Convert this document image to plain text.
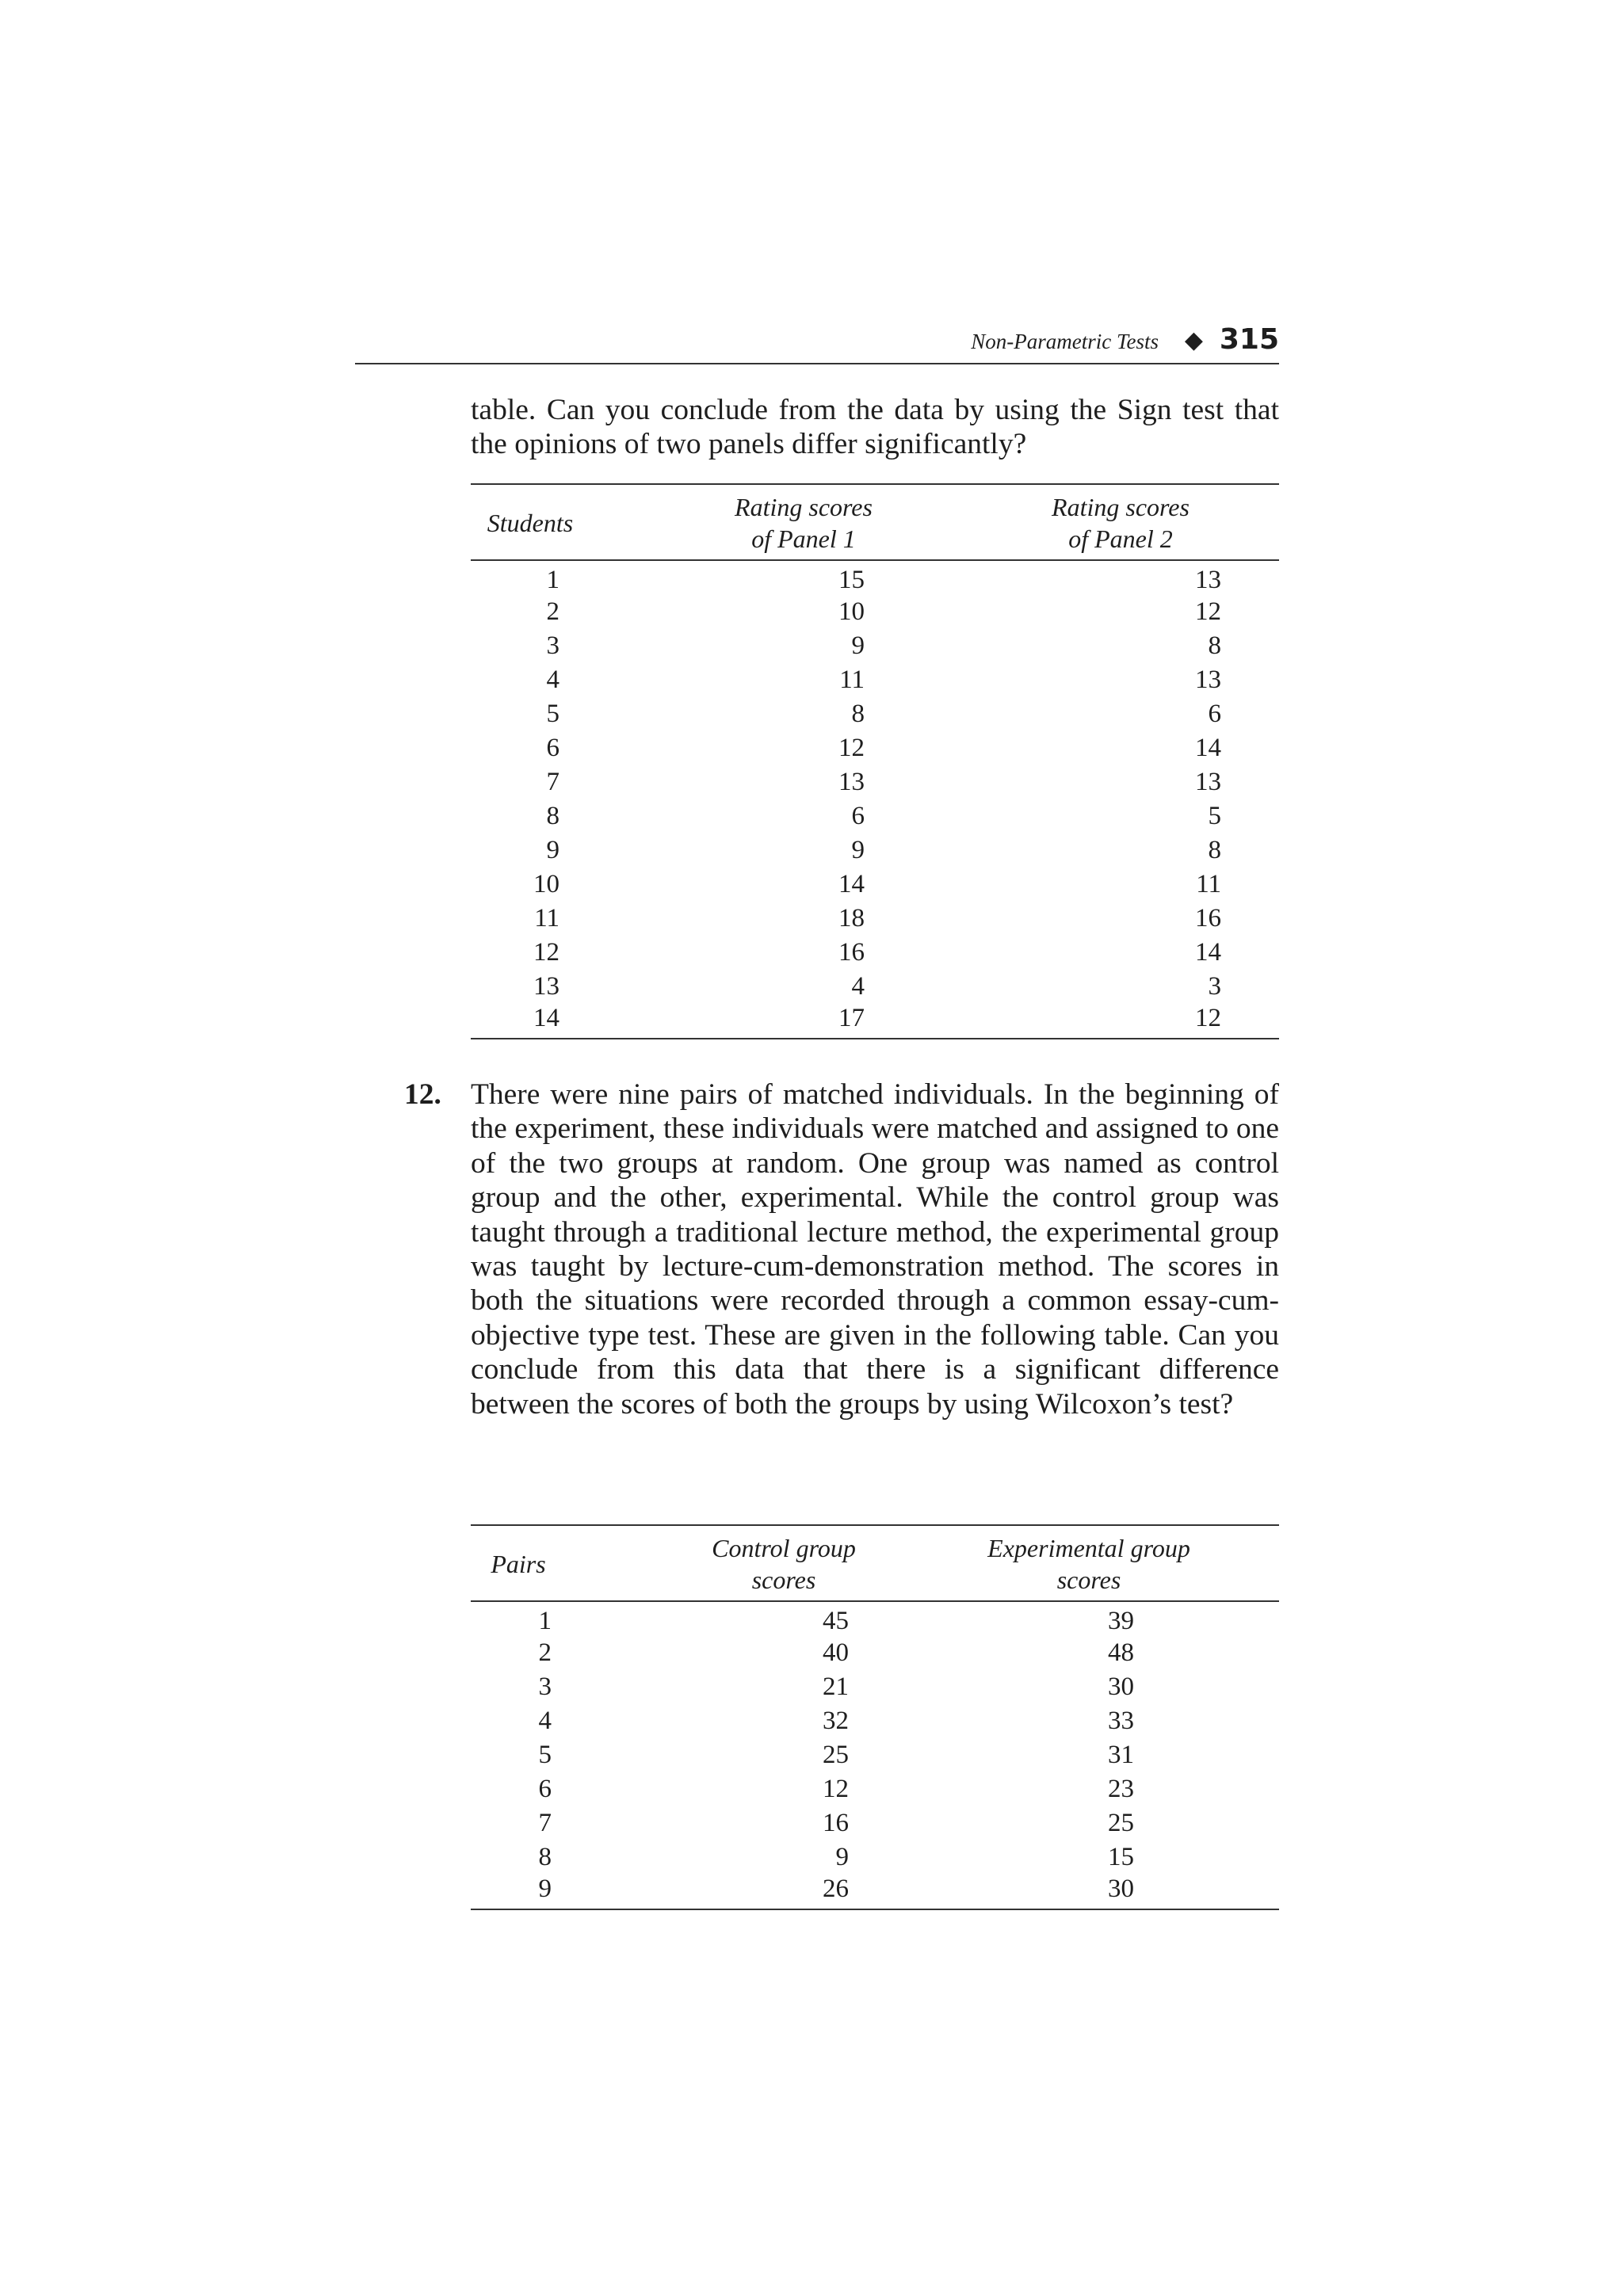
Non-Parametric Tests ◆ 315
table. Can you conclude from the data by using the Sign test that the opinions of two panels differ significantly?
Students	Rating scores of Panel 1	Rating scores of Panel 2

1	15	13
2	10	12
3	9	8
4	11	13
5	8	6
6	12	14
7	13	13
8	6	5
9	9	8
10	14	11
11	18	16
12	16	14
13	4	3
14	17	12
12. There were nine pairs of matched individuals. In the beginning of the experiment, these individuals were matched and assigned to one of the two groups at random. One group was named as control group and the other, experimental. While the control group was taught through a traditional lecture method, the experimental group was taught by lecture-cum-demonstration method. The scores in both the situations were recorded through a common essay-cum-objective type test. These are given in the following table. Can you conclude from this data that there is a significant difference between the scores of both the groups by using Wilcoxon’s test?
Pairs	Control group scores	Experimental group scores

1	45	39
2	40	48
3	21	30
4	32	33
5	25	31
6	12	23
7	16	25
8	9	15
9	26	30
